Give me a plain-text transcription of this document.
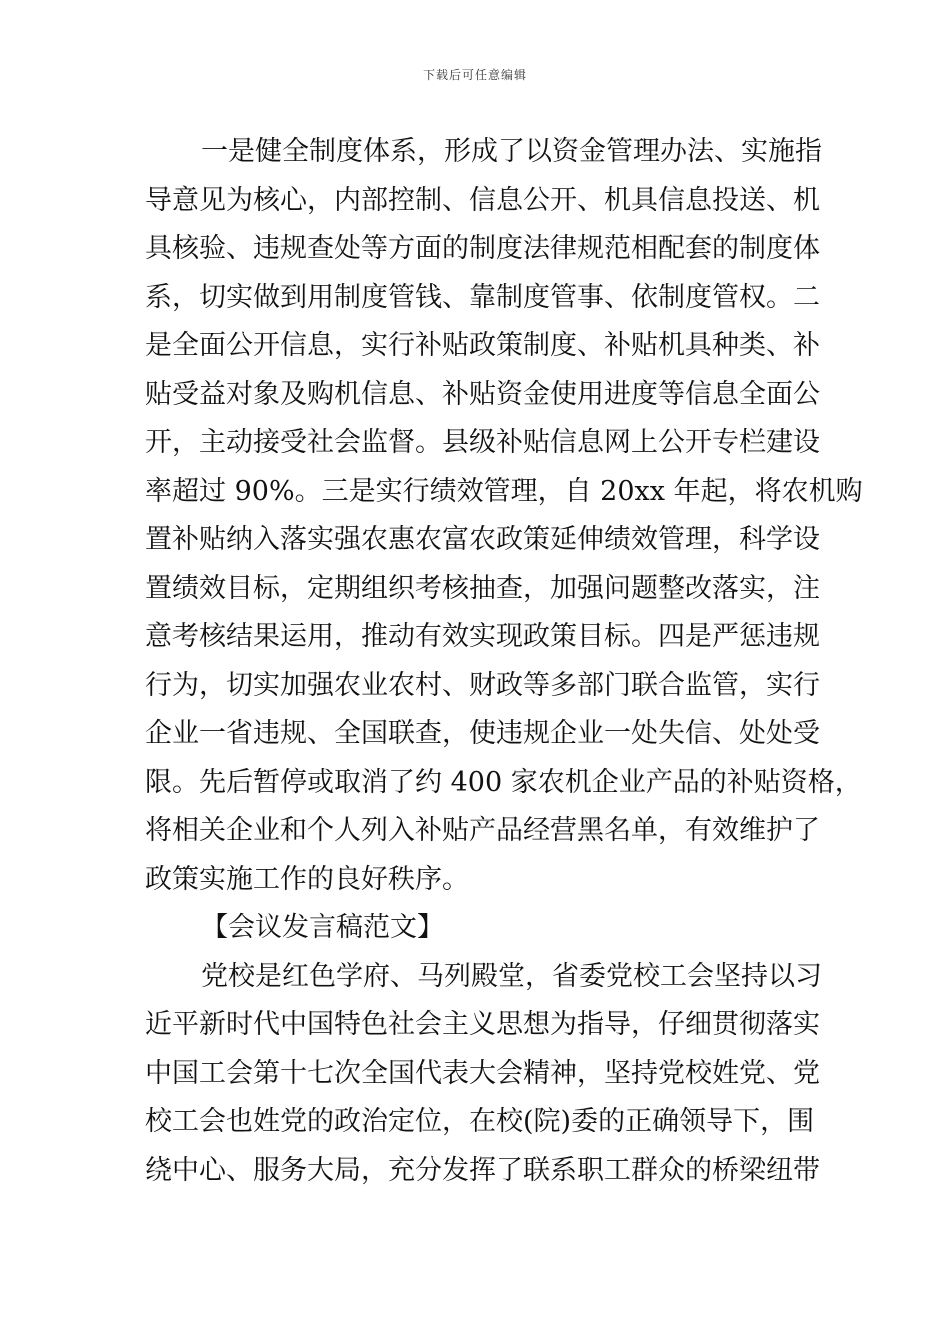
下载后可任意编辑
一是健全制度体系，形成了以资金管理办法、实施指
导意见为核心，内部控制、信息公开、机具信息投送、机
具核验、违规查处等方面的制度法律规范相配套的制度体
系，切实做到用制度管钱、靠制度管事、依制度管权。二
是全面公开信息，实行补贴政策制度、补贴机具种类、补
贴受益对象及购机信息、补贴资金使用进度等信息全面公
开，主动接受社会监督。县级补贴信息网上公开专栏建设
率超过 90%。三是实行绩效管理，自 20xx 年起，将农机购
置补贴纳入落实强农惠农富农政策延伸绩效管理，科学设
置绩效目标，定期组织考核抽查，加强问题整改落实，注
意考核结果运用，推动有效实现政策目标。四是严惩违规
行为，切实加强农业农村、财政等多部门联合监管，实行
企业一省违规、全国联查，使违规企业一处失信、处处受
限。先后暂停或取消了约 400 家农机企业产品的补贴资格，
将相关企业和个人列入补贴产品经营黑名单，有效维护了
政策实施工作的良好秩序。
【会议发言稿范文】
党校是红色学府、马列殿堂，省委党校工会坚持以习
近平新时代中国特色社会主义思想为指导，仔细贯彻落实
中国工会第十七次全国代表大会精神，坚持党校姓党、党
校工会也姓党的政治定位，在校(院)委的正确领导下，围
绕中心、服务大局，充分发挥了联系职工群众的桥梁纽带
